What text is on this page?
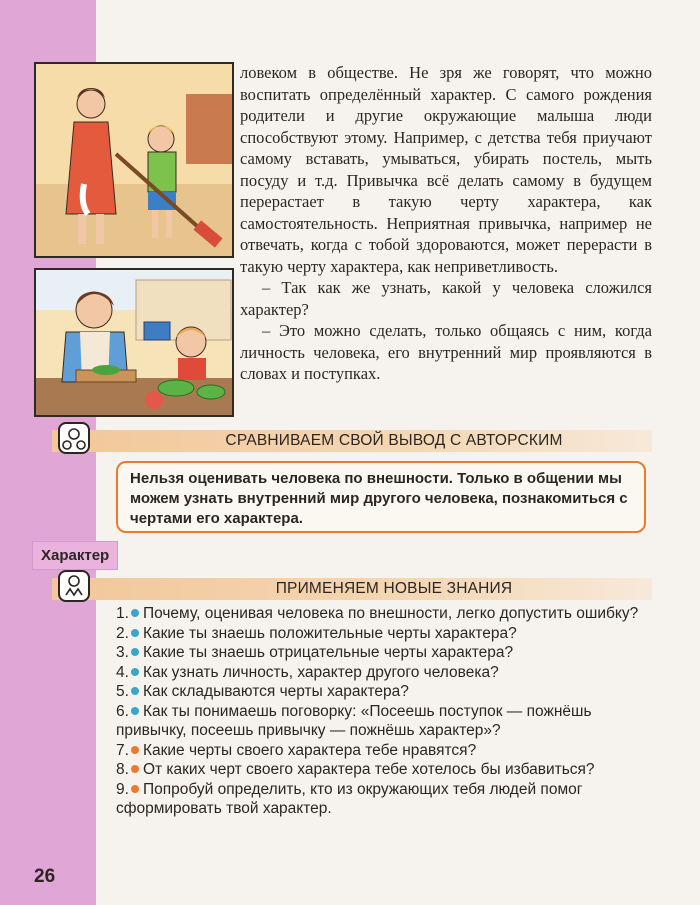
ловеком в обществе. Не зря же говорят, что можно воспитать определённый характер. С самого рождения родители и другие окружающие малыша люди способствуют этому. Например, с детства тебя приучают самому вставать, умываться, убирать постель, мыть посуду и т.д. Привычка всё делать самому в будущем перерастает в такую черту характера, как самостоятельность. Неприятная привычка, например не отвечать, когда с тобой здороваются, может перерасти в такую черту характера, как неприветливость.

– Так как же узнать, какой у человека сложился характер?

– Это можно сделать, только общаясь с ним, когда личность человека, его внутренний мир проявляются в словах и поступках.

СРАВНИВАЕМ СВОЙ ВЫВОД С АВТОРСКИМ
Нельзя оценивать человека по внешности. Только в общении мы можем узнать внутренний мир другого человека, познакомиться с чертами его характера.
Характер
ПРИМЕНЯЕМ НОВЫЕ ЗНАНИЯ
1. Почему, оценивая человека по внешности, легко допустить ошибку?
2. Какие ты знаешь положительные черты характера?
3. Какие ты знаешь отрицательные черты характера?
4. Как узнать личность, характер другого человека?
5. Как складываются черты характера?
6. Как ты понимаешь поговорку: «Посеешь поступок — пожнёшь привычку, посеешь привычку — пожнёшь характер»?
7. Какие черты своего характера тебе нравятся?
8. От каких черт своего характера тебе хотелось бы избавиться?
9. Попробуй определить, кто из окружающих тебя людей помог сформировать твой характер.
26
